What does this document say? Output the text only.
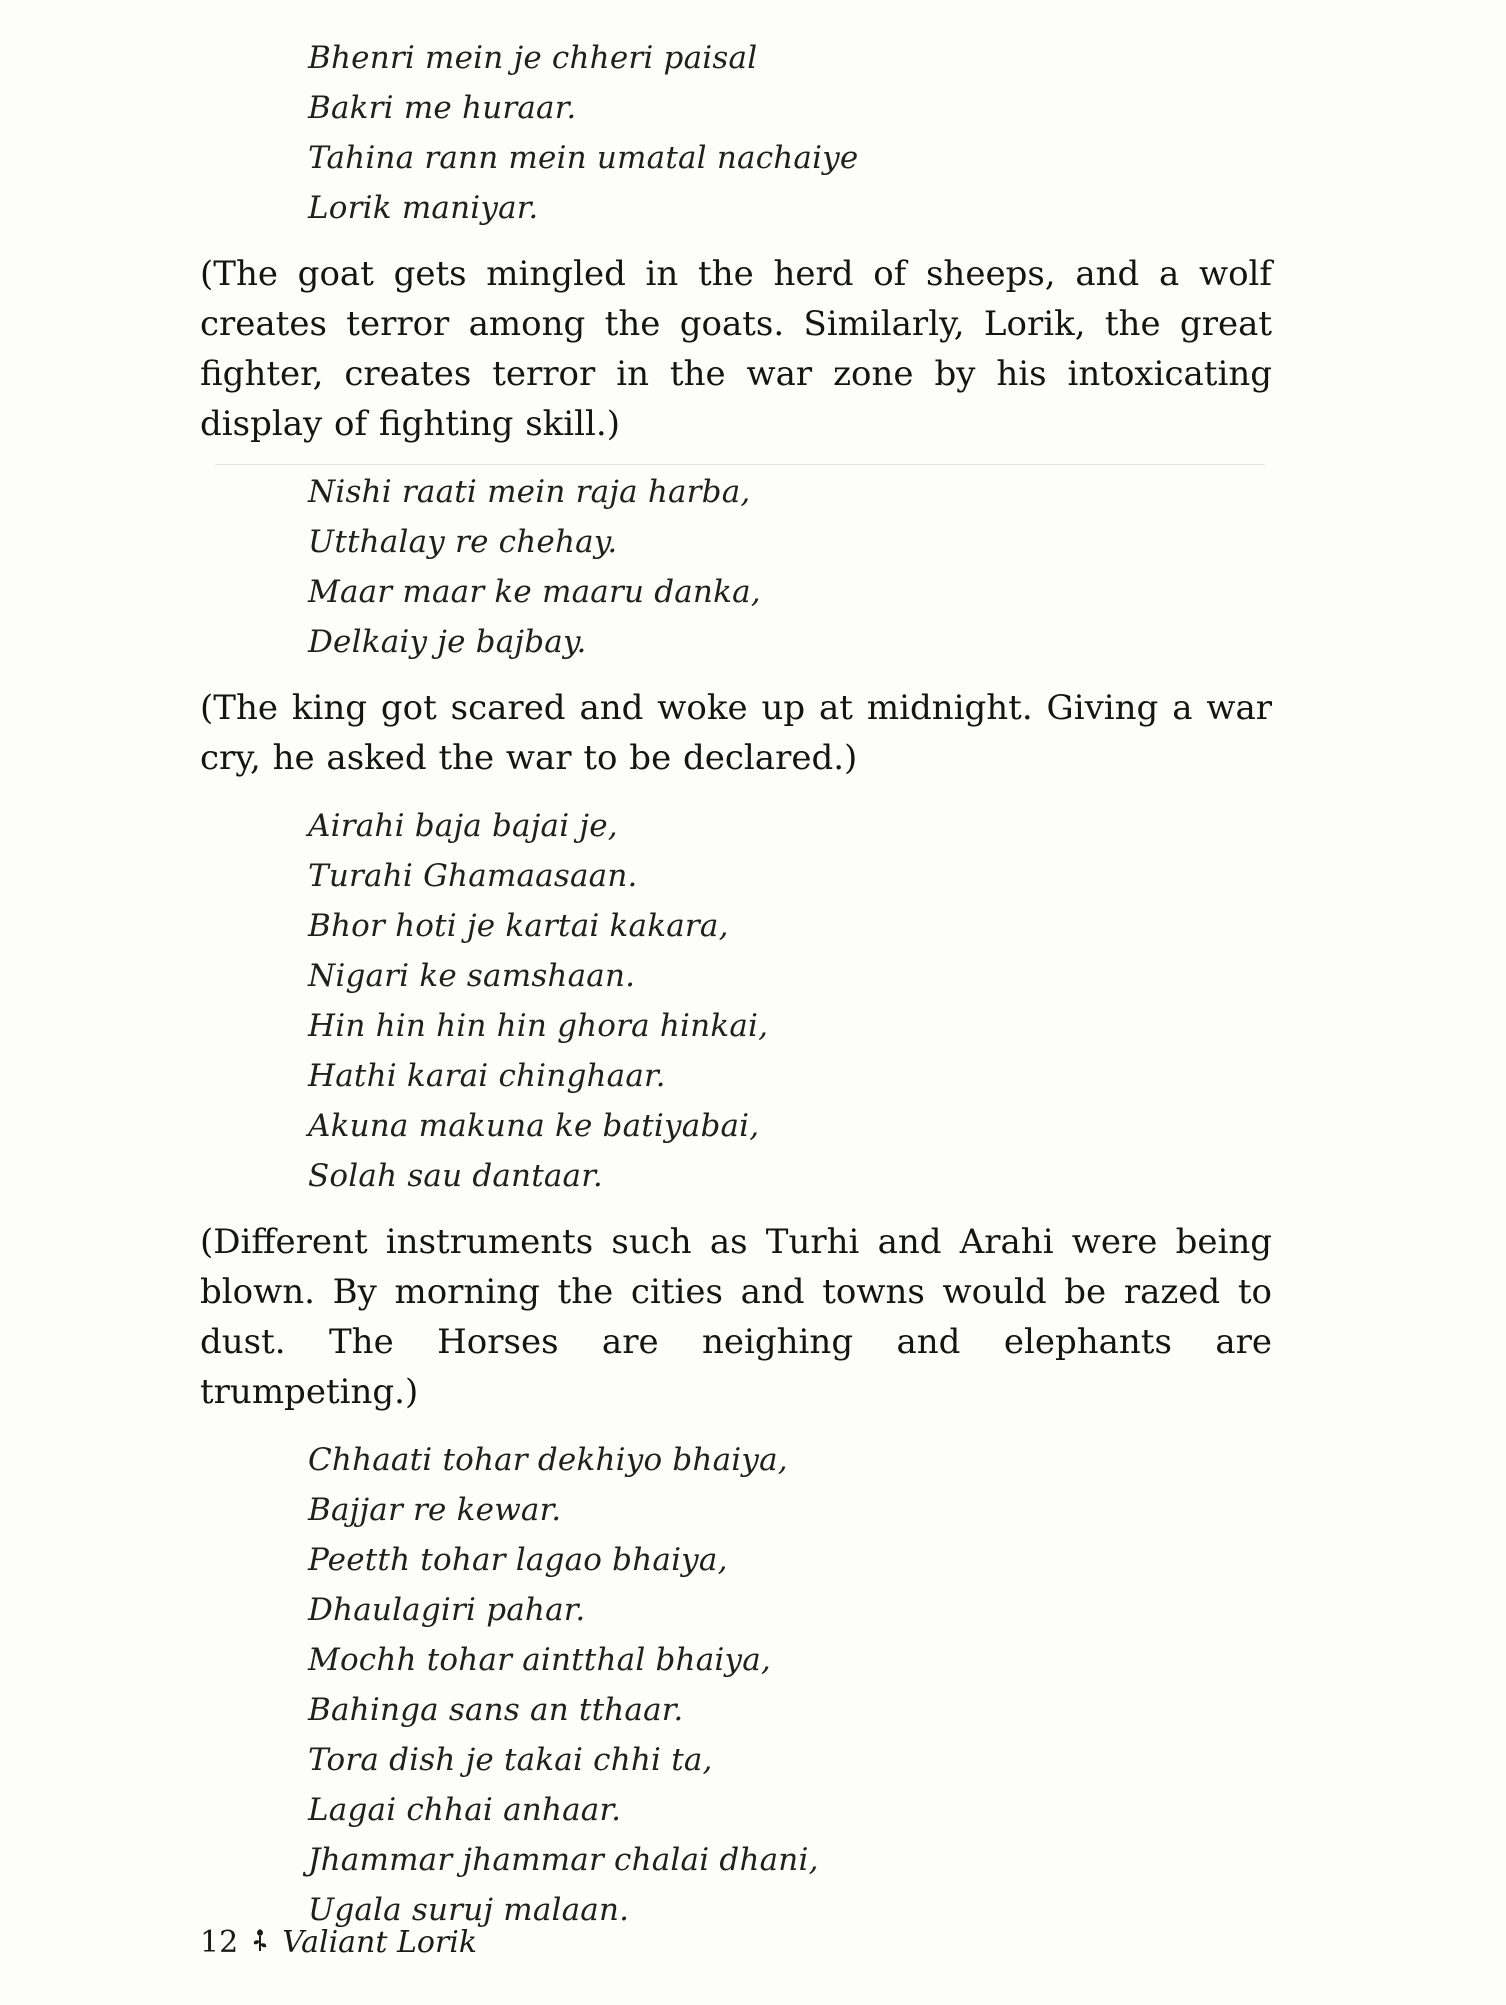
Bhenri mein je chheri paisal
Bakri me huraar.
Tahina rann mein umatal nachaiye
Lorik maniyar.

(The goat gets mingled in the herd of sheeps, and a wolf creates terror among the goats. Similarly, Lorik, the great fighter, creates terror in the war zone by his intoxicating display of fighting skill.)

Nishi raati mein raja harba,
Utthalay re chehay.
Maar maar ke maaru danka,
Delkaiy je bajbay.

(The king got scared and woke up at midnight. Giving a war cry, he asked the war to be declared.)

Airahi baja bajai je,
Turahi Ghamaasaan.
Bhor hoti je kartai kakara,
Nigari ke samshaan.
Hin hin hin hin ghora hinkai,
Hathi karai chinghaar.
Akuna makuna ke batiyabai,
Solah sau dantaar.

(Different instruments such as Turhi and Arahi were being blown. By morning the cities and towns would be razed to dust. The Horses are neighing and elephants are trumpeting.)

Chhaati tohar dekhiyo bhaiya,
Bajjar re kewar.
Peetth tohar lagao bhaiya,
Dhaulagiri pahar.
Mochh tohar aintthal bhaiya,
Bahinga sans an tthaar.
Tora dish je takai chhi ta,
Lagai chhai anhaar.
Jhammar jhammar chalai dhani,
Ugala suruj malaan.
12 Valiant Lorik
